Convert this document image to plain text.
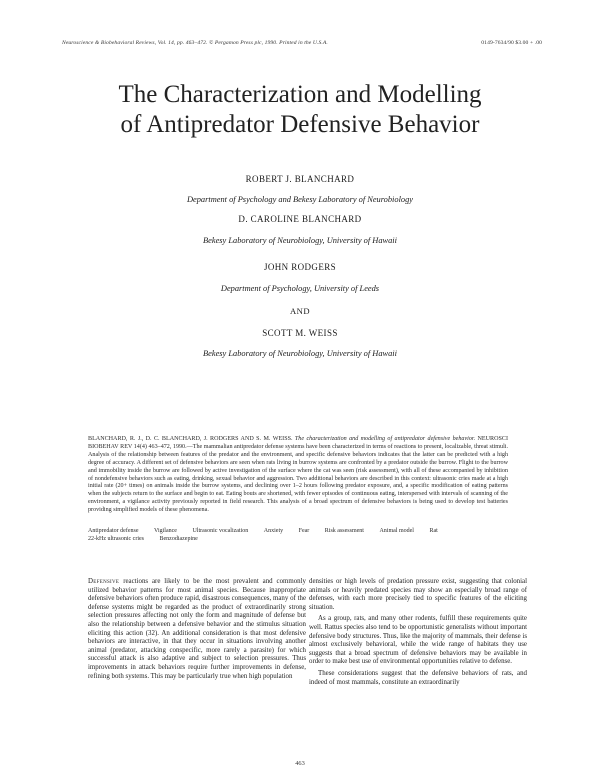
Neuroscience & Biobehavioral Reviews, Vol. 14, pp. 463–472. © Pergamon Press plc, 1990. Printed in the U.S.A.	0149-7634/90 $3.00 + .00
The Characterization and Modelling
of Antipredator Defensive Behavior
ROBERT J. BLANCHARD
Department of Psychology and Bekesy Laboratory of Neurobiology
D. CAROLINE BLANCHARD
Bekesy Laboratory of Neurobiology, University of Hawaii
JOHN RODGERS
Department of Psychology, University of Leeds
AND
SCOTT M. WEISS
Bekesy Laboratory of Neurobiology, University of Hawaii
BLANCHARD, R. J., D. C. BLANCHARD, J. RODGERS AND S. M. WEISS. The characterization and modelling of antipredator defensive behavior. NEUROSCI BIOBEHAV REV 14(4) 463–472, 1990.—The mammalian antipredator defense systems have been characterized in terms of reactions to present, localizable, threat stimuli. Analysis of the relationship between features of the predator and the environment, and specific defensive behaviors indicates that the latter can be predicted with a high degree of accuracy. A different set of defensive behaviors are seen when rats living in burrow systems are confronted by a predator outside the burrow. Flight to the burrow and immobility inside the burrow are followed by active investigation of the surface where the cat was seen (risk assessment), with all of these accompanied by inhibition of nondefensive behaviors such as eating, drinking, sexual behavior and aggression. Two additional behaviors are described in this context: ultrasonic cries made at a high initial rate (20+ times) on animals inside the burrow systems, and declining over 1–2 hours following predator exposure, and, a specific modification of eating patterns when the subjects return to the surface and begin to eat. Eating bouts are shortened, with fewer episodes of continuous eating, interspersed with intervals of scanning of the environment, a vigilance activity previously reported in field research. This analysis of a broad spectrum of defensive behaviors is being used to develop test batteries providing simplified models of these phenomena.
Antipredator defense	Vigilance	Ultrasonic vocalization	Anxiety	Fear	Risk assessment	Animal model	Rat 22-kHz ultrasonic cries	Benzodiazepine

Defensive reactions are likely to be the most prevalent and commonly utilized behavior patterns for most animal species. Because inappropriate defensive behaviors often produce rapid, disastrous consequences, many of the defense systems might be regarded as the product of extraordinarily strong selection pressures affecting not only the form and magnitude of defense but also the relationship between a defensive behavior and the stimulus situation eliciting this action (32). An additional consideration is that most defensive behaviors are interactive, in that they occur in situations involving another animal (predator, attacking conspecific, more rarely a parasite) for which successful attack is also adaptive and subject to selection pressures. Thus improvements in attack behaviors require further improvements in defense, refining both systems. This may be particularly true when high population

densities or high levels of predation pressure exist, suggesting that colonial animals or heavily predated species may show an especially broad range of defenses, with each more precisely tied to specific features of the eliciting situation.

As a group, rats, and many other rodents, fulfill these requirements quite well. Rattus species also tend to be opportunistic generalists without important defensive body structures. Thus, like the majority of mammals, their defense is almost exclusively behavioral, while the wide range of habitats they use suggests that a broad spectrum of defensive behaviors may be available in order to make best use of environmental opportunities relative to defense.

These considerations suggest that the defensive behaviors of rats, and indeed of most mammals, constitute an extraordinarily

463
